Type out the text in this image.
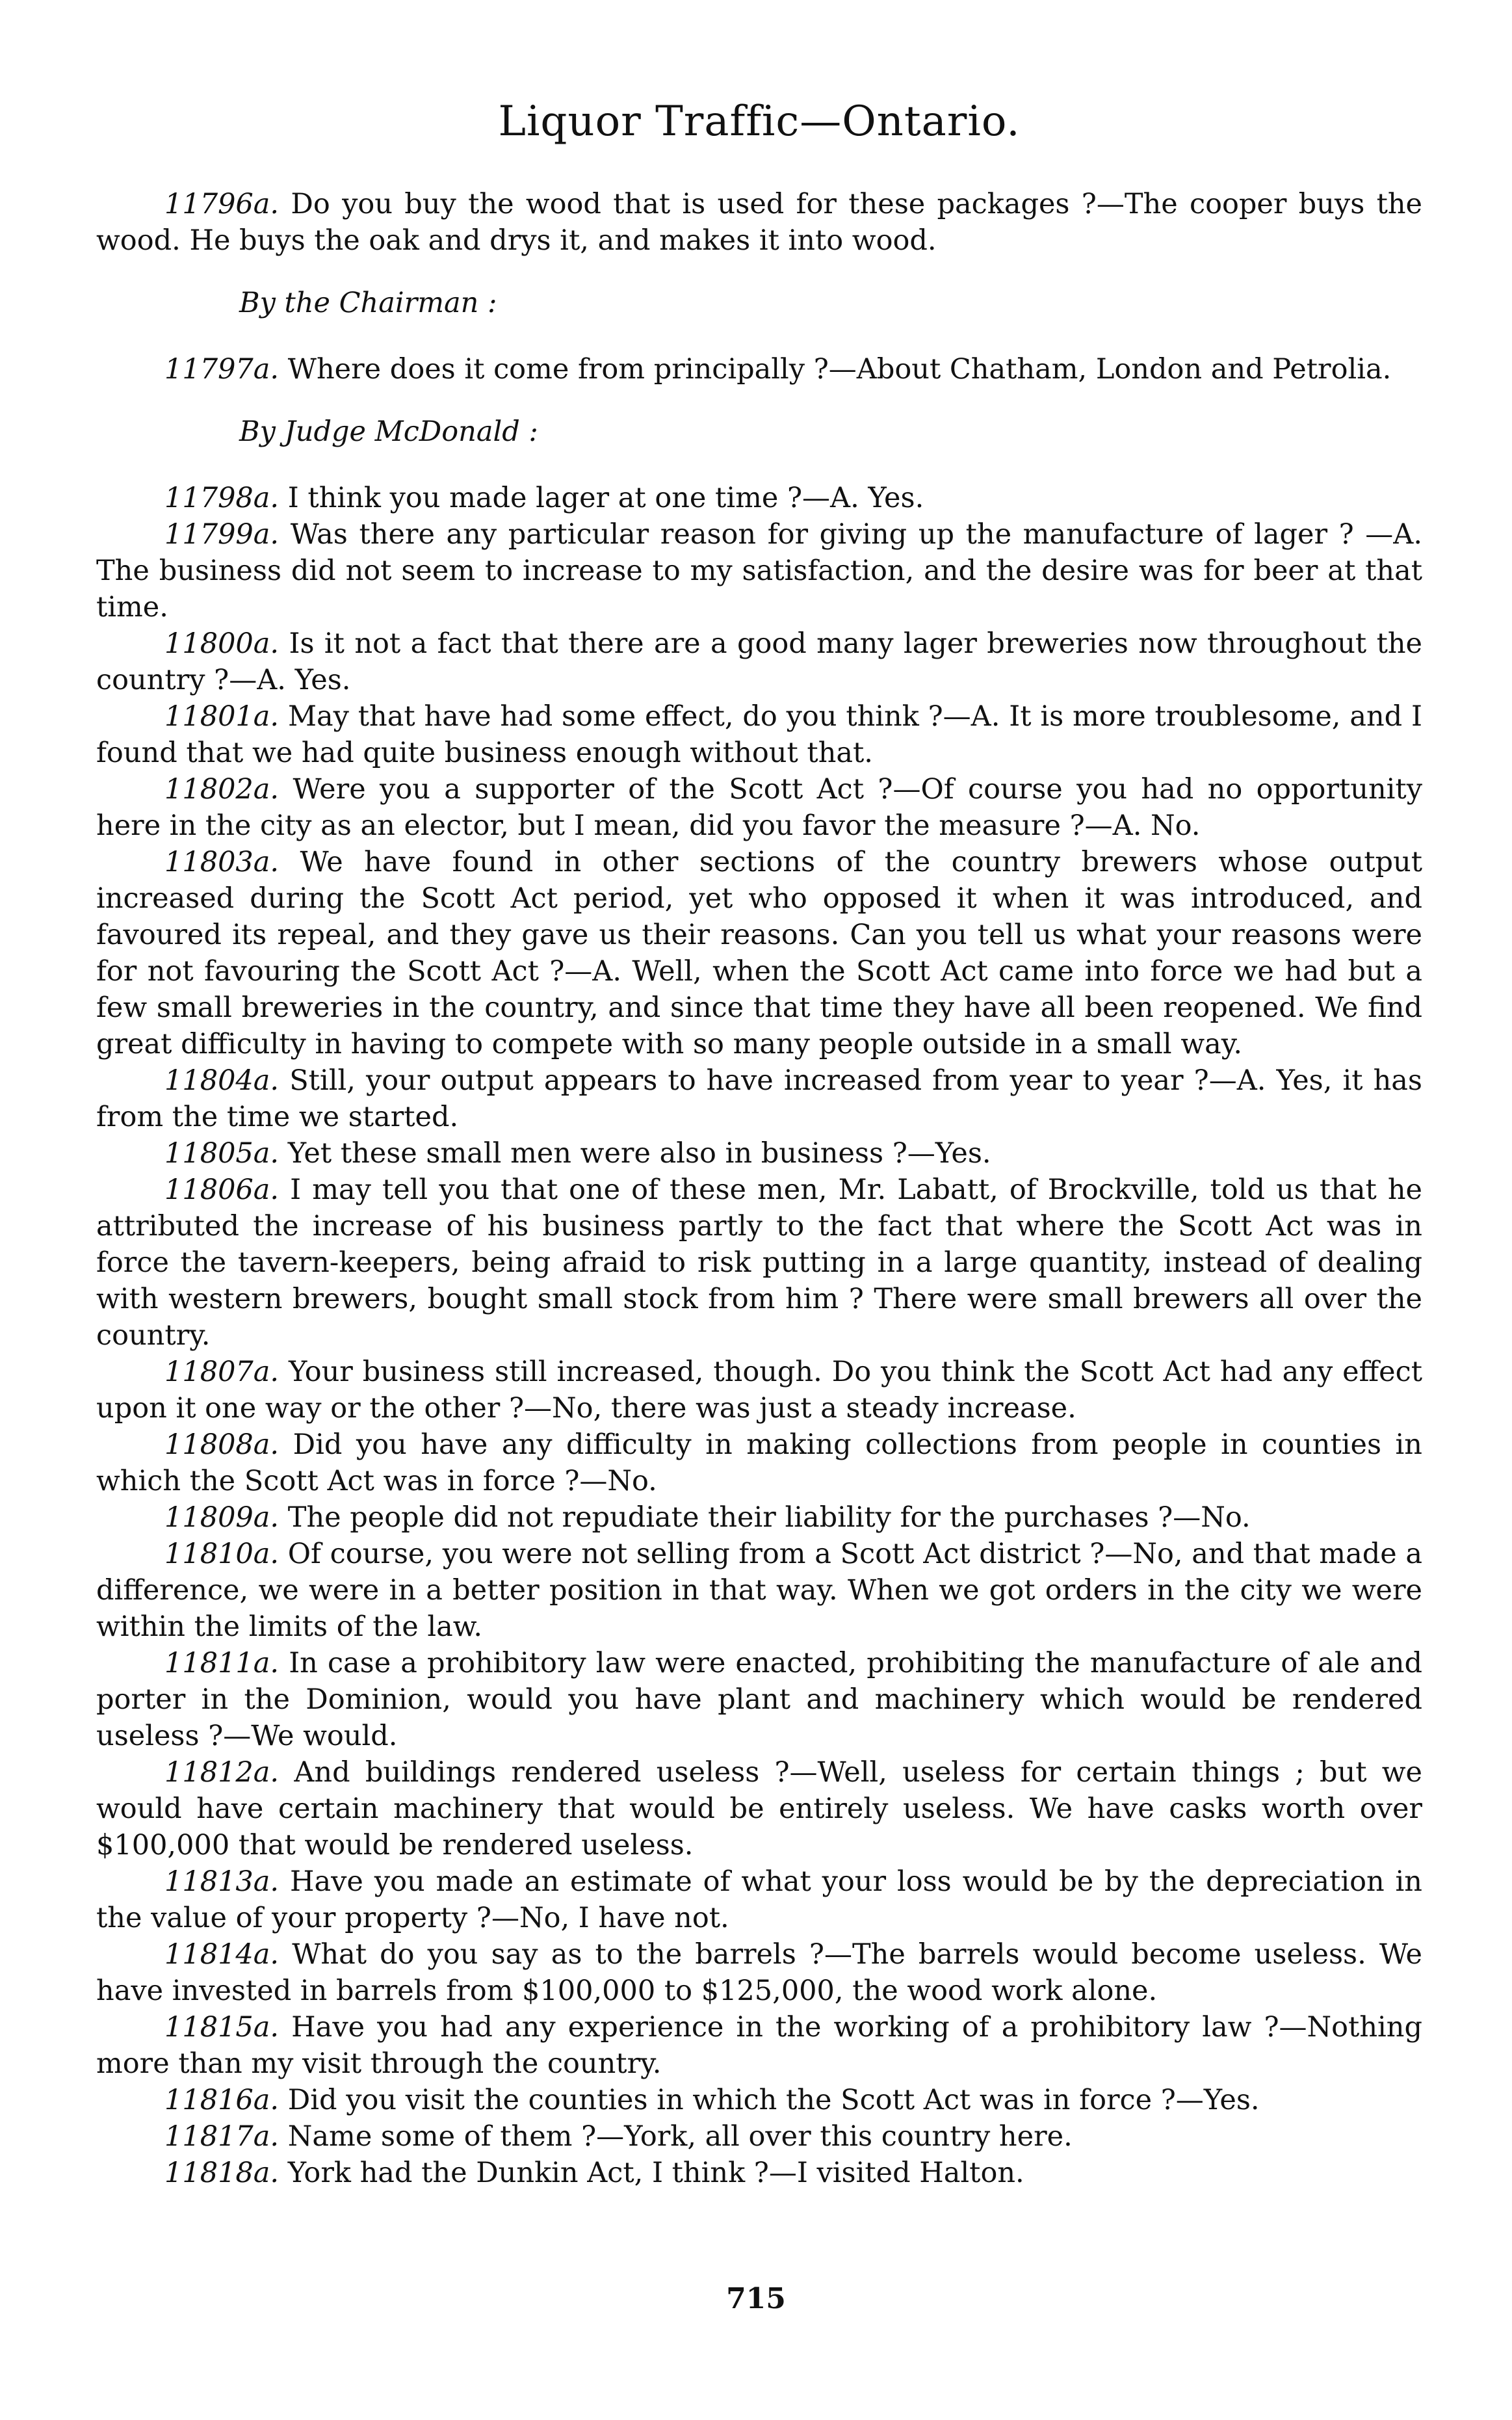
Liquor Traffic—Ontario.

11796a. Do you buy the wood that is used for these packages ?—The cooper buys the wood. He buys the oak and drys it, and makes it into wood.

By the Chairman :

11797a. Where does it come from principally ?—About Chatham, London and Petrolia.

By Judge McDonald :

11798a. I think you made lager at one time ?—A. Yes.

11799a. Was there any particular reason for giving up the manufacture of lager ? —A. The business did not seem to increase to my satisfaction, and the desire was for beer at that time.

11800a. Is it not a fact that there are a good many lager breweries now throughout the country ?—A. Yes.

11801a. May that have had some effect, do you think ?—A. It is more troublesome, and I found that we had quite business enough without that.

11802a. Were you a supporter of the Scott Act ?—Of course you had no opportunity here in the city as an elector, but I mean, did you favor the measure ?—A. No.

11803a. We have found in other sections of the country brewers whose output increased during the Scott Act period, yet who opposed it when it was introduced, and favoured its repeal, and they gave us their reasons. Can you tell us what your reasons were for not favouring the Scott Act ?—A. Well, when the Scott Act came into force we had but a few small breweries in the country, and since that time they have all been reopened. We find great difficulty in having to compete with so many people outside in a small way.

11804a. Still, your output appears to have increased from year to year ?—A. Yes, it has from the time we started.

11805a. Yet these small men were also in business ?—Yes.

11806a. I may tell you that one of these men, Mr. Labatt, of Brockville, told us that he attributed the increase of his business partly to the fact that where the Scott Act was in force the tavern-keepers, being afraid to risk putting in a large quantity, instead of dealing with western brewers, bought small stock from him ? There were small brewers all over the country.

11807a. Your business still increased, though. Do you think the Scott Act had any effect upon it one way or the other ?—No, there was just a steady increase.

11808a. Did you have any difficulty in making collections from people in counties in which the Scott Act was in force ?—No.

11809a. The people did not repudiate their liability for the purchases ?—No.

11810a. Of course, you were not selling from a Scott Act district ?—No, and that made a difference, we were in a better position in that way. When we got orders in the city we were within the limits of the law.

11811a. In case a prohibitory law were enacted, prohibiting the manufacture of ale and porter in the Dominion, would you have plant and machinery which would be rendered useless ?—We would.

11812a. And buildings rendered useless ?—Well, useless for certain things ; but we would have certain machinery that would be entirely useless. We have casks worth over $100,000 that would be rendered useless.

11813a. Have you made an estimate of what your loss would be by the depreciation in the value of your property ?—No, I have not.

11814a. What do you say as to the barrels ?—The barrels would become useless. We have invested in barrels from $100,000 to $125,000, the wood work alone.

11815a. Have you had any experience in the working of a prohibitory law ?—Nothing more than my visit through the country.

11816a. Did you visit the counties in which the Scott Act was in force ?—Yes.

11817a. Name some of them ?—York, all over this country here.

11818a. York had the Dunkin Act, I think ?—I visited Halton.

715
